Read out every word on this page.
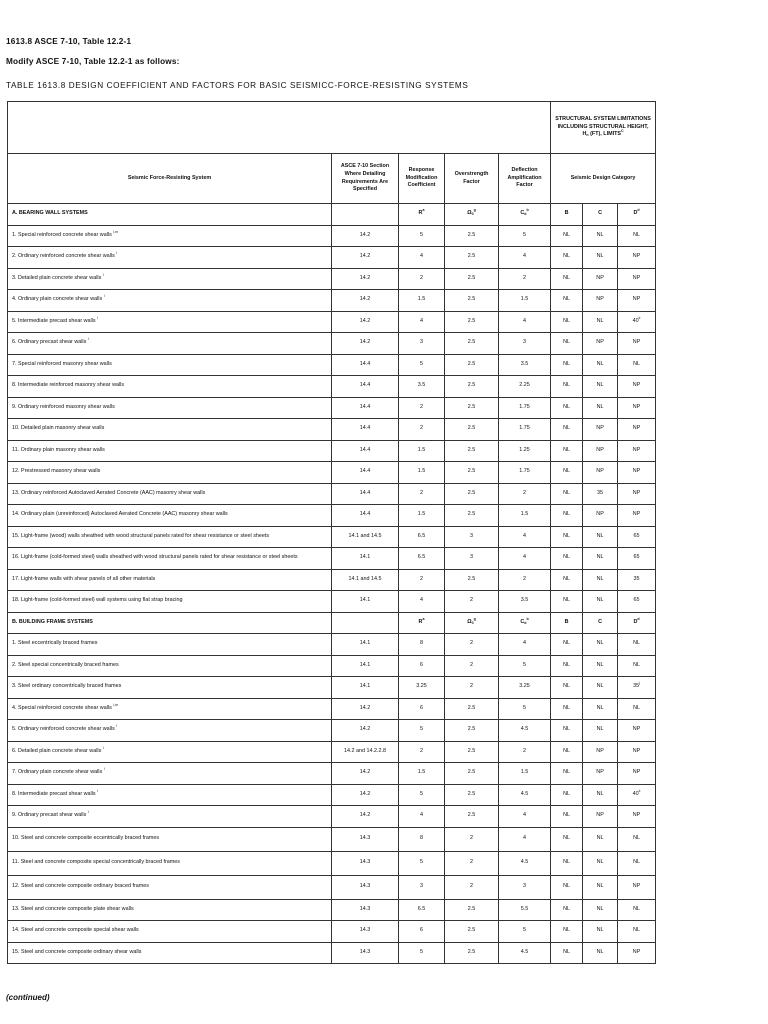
1613.8 ASCE 7-10, Table 12.2-1
Modify ASCE 7-10, Table 12.2-1 as follows:
TABLE 1613.8 DESIGN COEFFICIENT AND FACTORS FOR BASIC SEISMICC-FORCE-RESISTING SYSTEMS
					STRUCTURAL SYSTEM LIMITATIONS INCLUDING STRUCTURAL HEIGHT, $H_n$ (FT), $LIMITS^C$
Seismic Force-Resisting System	ASCE 7-10 Section Where Detailing Requirements Are Specified	Response Modification Coefficient	Overstrength Factor	Deflection Amplification Factor	Seismic Design Category		
A. BEARING WALL SYSTEMS		$R^a$	$\Omega_0^g$	$C_d^b$	B	C	$D^d$
1. Special reinforced concrete shear walls $^{l,m}$	14.2	5	2.5	5	NL	NL	NL
2. Ordinary reinforced concrete shear walls $^l$	14.2	4	2.5	4	NL	NL	NP
3. Detailed plain concrete shear walls $^l$	14.2	2	2.5	2	NL	NP	NP
4. Ordinary plain concrete shear walls $^l$	14.2	1.5	2.5	1.5	NL	NP	NP
5. Intermediate precast shear walls $^l$	14.2	4	2.5	4	NL	NL	40$^k$
6. Ordinary precast shear walls $^l$	14.2	3	2.5	3	NL	NP	NP
7. Special reinforced masonry shear walls	14.4	5	2.5	3.5	NL	NL	NL
8. Intermediate reinforced masonry shear walls	14.4	3.5	2.5	2.25	NL	NL	NP
9. Ordinary reinforced masonry shear walls	14.4	2	2.5	1.75	NL	NL	NP
10. Detailed plain masonry shear walls	14.4	2	2.5	1.75	NL	NP	NP
11. Ordinary plain masonry shear walls	14.4	1.5	2.5	1.25	NL	NP	NP
12. Prestressed masonry shear walls	14.4	1.5	2.5	1.75	NL	NP	NP
13. Ordinary reinforced Autoclaved Aerated Concrete (AAC) masonry shear walls	14.4	2	2.5	2	NL	35	NP
14. Ordinary plain (unreinforced) Autoclaved Aerated Concrete (AAC) masonry shear walls	14.4	1.5	2.5	1.5	NL	NP	NP
15. Light-frame (wood) walls sheathed with wood structural panels rated for shear resistance or steel sheets	14.1 and 14.5	6.5	3	4	NL	NL	65
16. Light-frame (cold-formed steel) walls sheathed with wood structural panels rated for shear resistance or steel sheets	14.1	6.5	3	4	NL	NL	65
17. Light-frame walls with shear panels of all other materials	14.1 and 14.5	2	2.5	2	NL	NL	35
18. Light-frame (cold-formed steel) wall systems using flat strap bracing	14.1	4	2	3.5	NL	NL	65
B. BUILDING FRAME SYSTEMS		$R^a$	$\Omega_0^g$	$C_d^b$	B	C	$D^d$
1. Steel eccentrically braced frames	14.1	8	2	4	NL	NL	NL
2. Steel special concentrically braced frames	14.1	6	2	5	NL	NL	NL
3. Steel ordinary concentrically braced frames	14.1	3.25	2	3.25	NL	NL	35$^j$
4. Special reinforced concrete shear walls $^{l,m}$	14.2	6	2.5	5	NL	NL	NL
5. Ordinary reinforced concrete shear walls $^l$	14.2	5	2.5	4.5	NL	NL	NP
6. Detailed plain concrete shear walls $^l$	14.2 and 14.2.2.8	2	2.5	2	NL	NP	NP
7. Ordinary plain concrete shear walls $^l$	14.2	1.5	2.5	1.5	NL	NP	NP
8. Intermediate precast shear walls $^l$	14.2	5	2.5	4.5	NL	NL	40$^k$
9. Ordinary precast shear walls $^l$	14.2	4	2.5	4	NL	NP	NP
10. Steel and concrete composite eccentrically braced frames	14.3	8	2	4	NL	NL	NL
11. Steel and concrete composite special concentrically braced frames	14.3	5	2	4.5	NL	NL	NL
12. Steel and concrete composite ordinary braced frames	14.3	3	2	3	NL	NL	NP
13. Steel and concrete composite plate shear walls	14.3	6.5	2.5	5.5	NL	NL	NL
14. Steel and concrete composite special shear walls	14.3	6	2.5	5	NL	NL	NL
15. Steel and concrete composite ordinary shear walls	14.3	5	2.5	4.5	NL	NL	NP
(continued)
